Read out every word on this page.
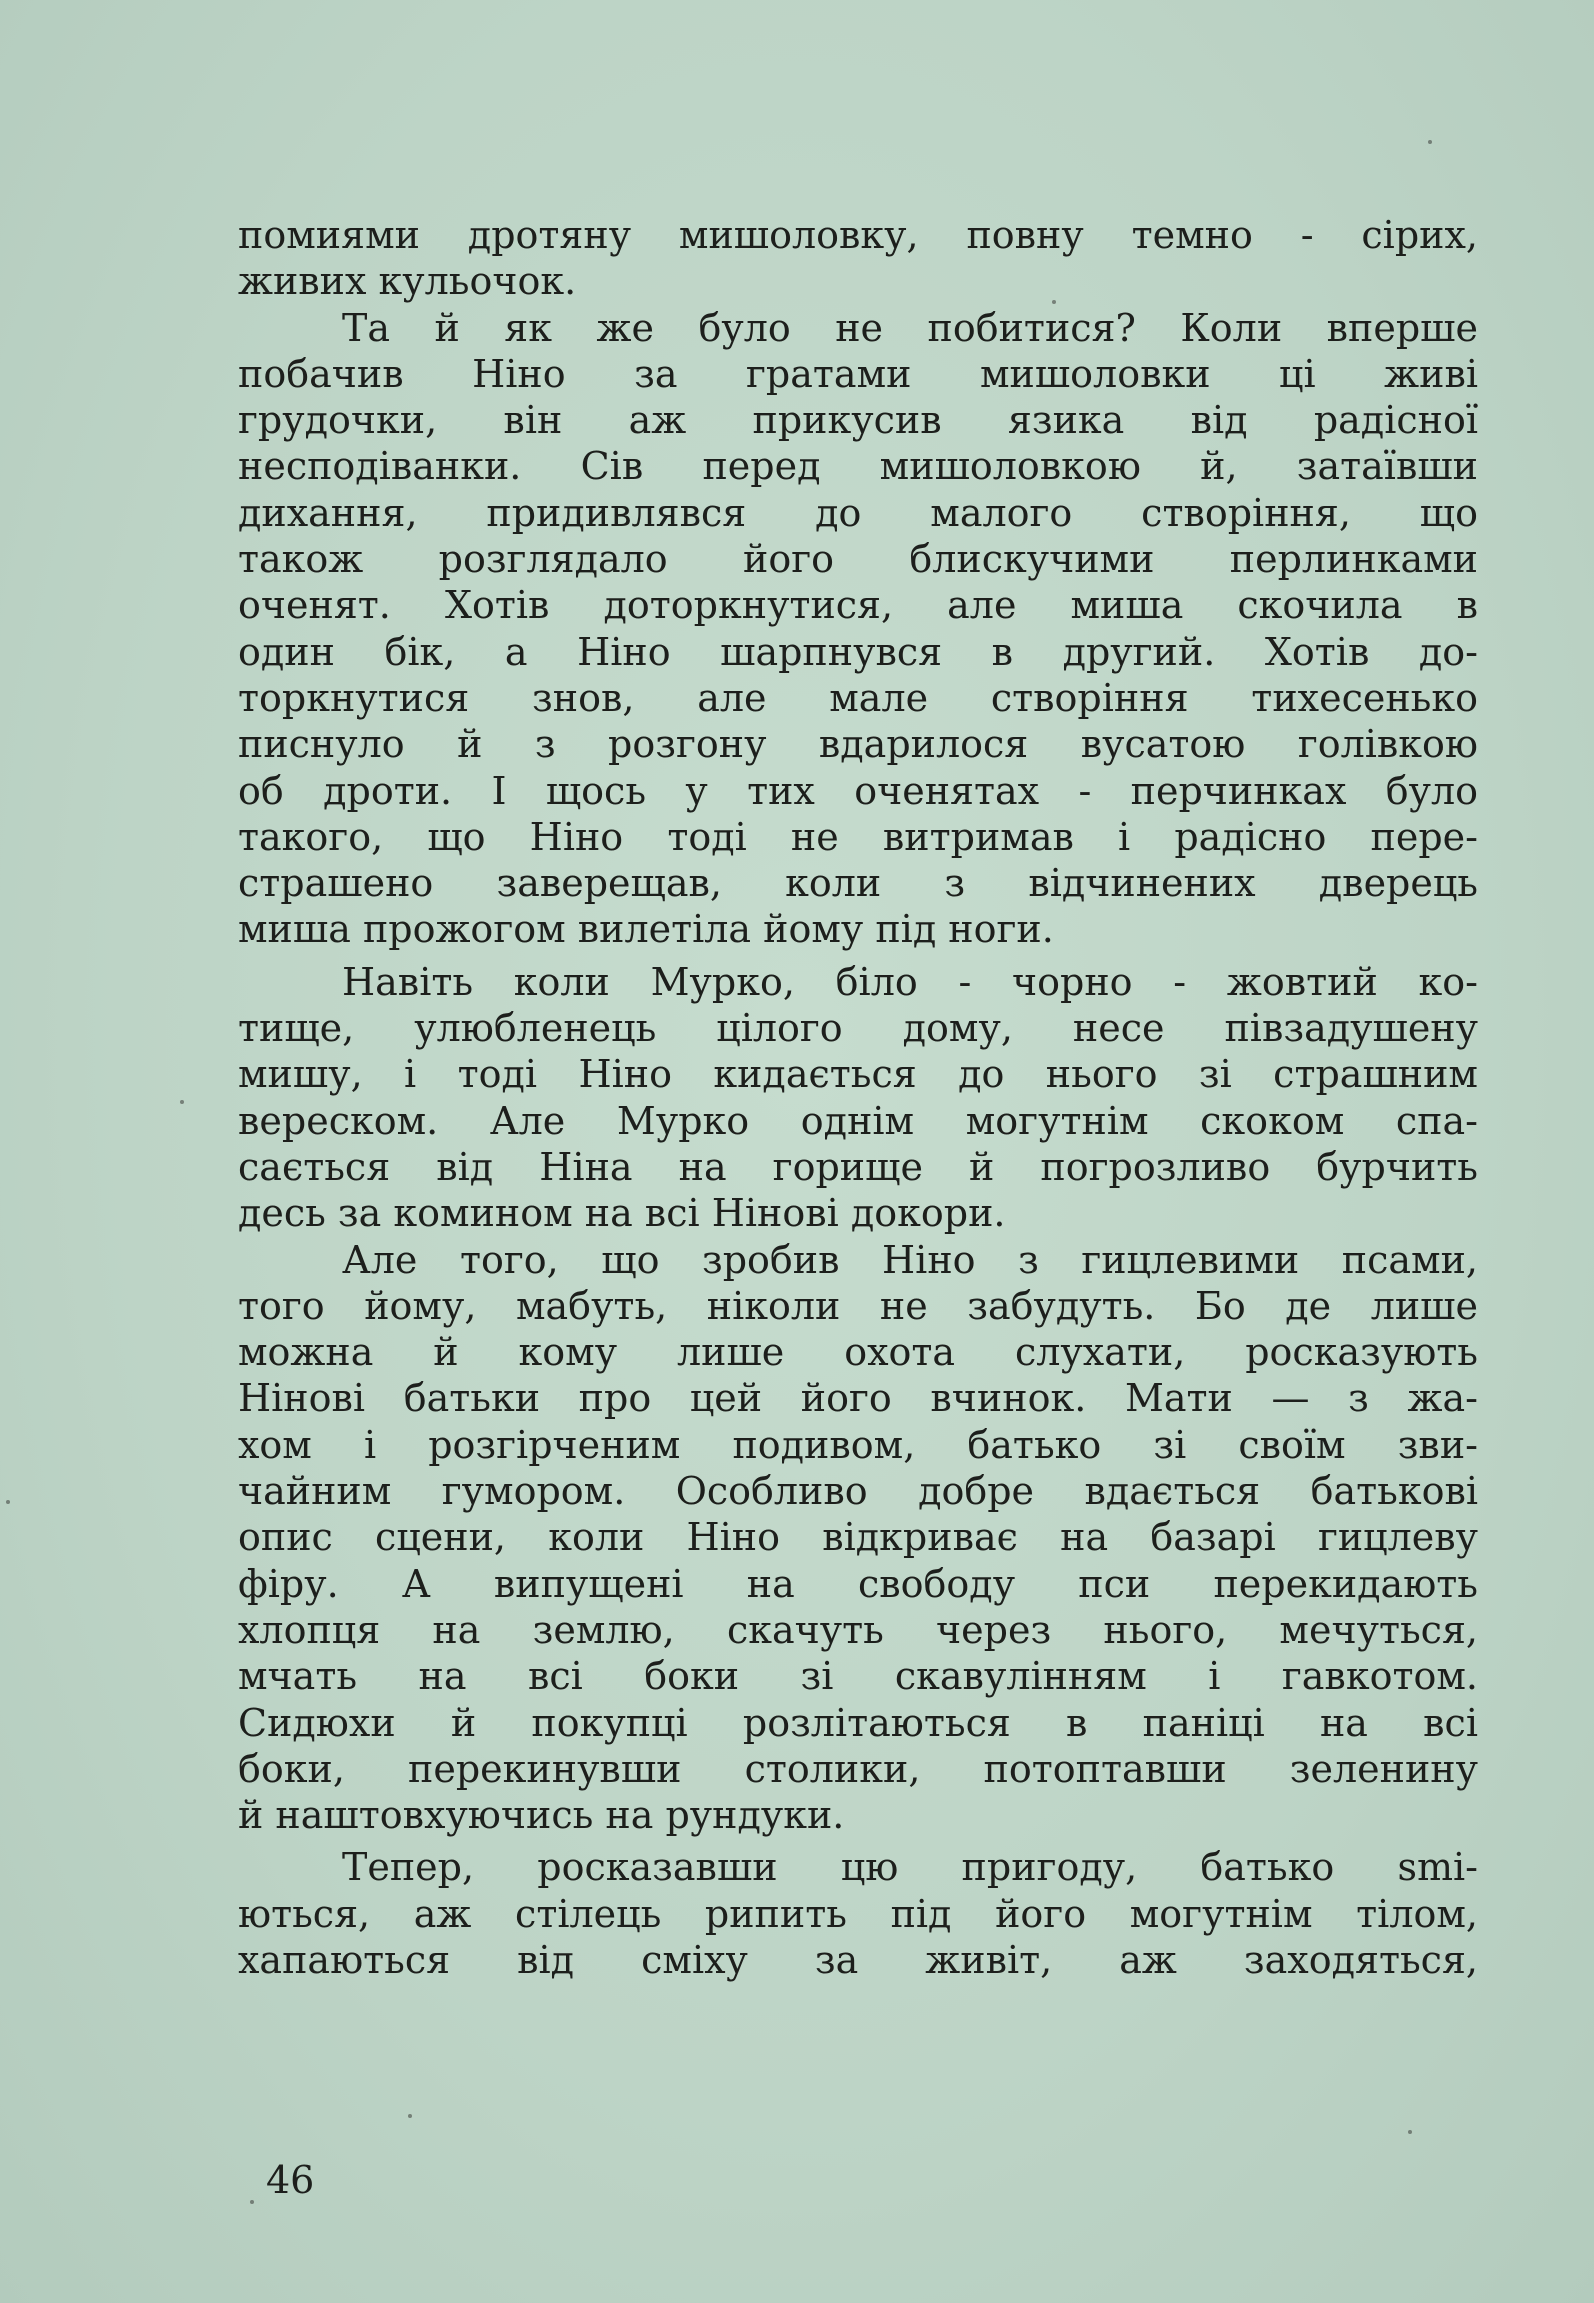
помиями дротяну мишоловку, повну темно - сірих,
живих кульочок.
Та й як же було не побитися? Коли вперше
побачив Ніно за гратами мишоловки ці живі
грудочки, він аж прикусив язика від радісної
несподіванки. Сів перед мишоловкою й, затаївши
дихання, придивлявся до малого створіння, що
також розглядало його блискучими перлинками
оченят. Хотів доторкнутися, але миша скочила в
один бік, а Ніно шарпнувся в другий. Хотів до-
торкнутися знов, але мале створіння тихесенько
писнуло й з розгону вдарилося вусатою голівкою
об дроти. І щось у тих оченятах - перчинках було
такого, що Ніно тоді не витримав і радісно пере-
страшено заверещав, коли з відчинених дверець
миша прожогом вилетіла йому під ноги.
Навіть коли Мурко, біло - чорно - жовтий ко-
тище, улюбленець цілого дому, несе півзадушену
мишу, і тоді Ніно кидається до нього зі страшним
вереском. Але Мурко однім могутнім скоком спа-
сається від Ніна на горище й погрозливо бурчить
десь за комином на всі Нінові докори.
Але того, що зробив Ніно з гицлевими псами,
того йому, мабуть, ніколи не забудуть. Бо де лише
можна й кому лише охота слухати, росказують
Нінові батьки про цей його вчинок. Мати — з жа-
хом і розгірченим подивом, батько зі своїм зви-
чайним гумором. Особливо добре вдається батькові
опис сцени, коли Ніно відкриває на базарі гицлеву
фіру. А випущені на свободу пси перекидають
хлопця на землю, скачуть через нього, мечуться,
мчать на всі боки зі скавулінням і гавкотом.
Сидюхи й покупці розлітаються в паніці на всі
боки, перекинувши столики, потоптавши зеленину
й наштовхуючись на рундуки.
Тепер, росказавши цю пригоду, батько smі-
ються, аж стілець рипить під його могутнім тілом,
хапаються від сміху за живіт, аж заходяться,
46
